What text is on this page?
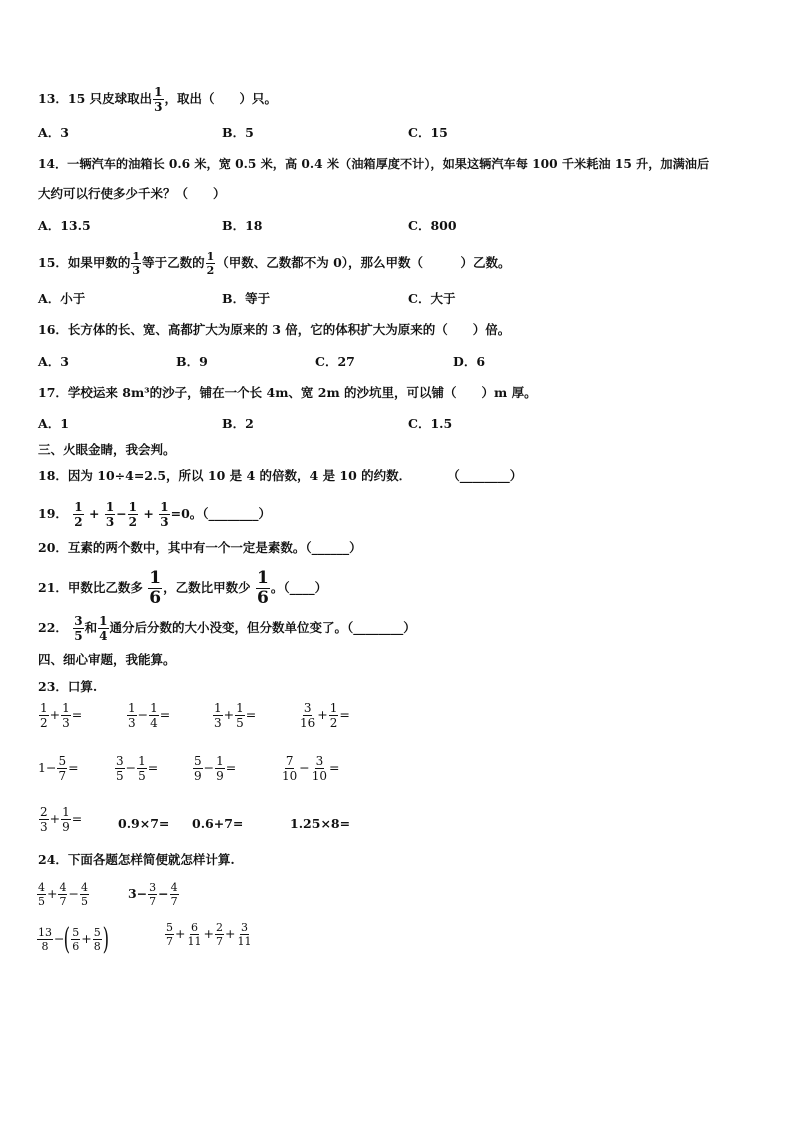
13．15 只皮球取出 $\frac{1}{3}$ ，取出（　　）只。
A．3	B．5	C．15
14．一辆汽车的油箱长 0.6 米，宽 0.5 米，高 0.4 米（油箱厚度不计），如果这辆汽车每 100 千米耗油 15 升，加满油后
大约可以行使多少千米？（　　）
A．13.5	B．18	C．800
15．如果甲数的 $\frac{1}{3}$ 等于乙数的 $\frac{1}{2}$ （甲数、乙数都不为 0），那么甲数（　　　）乙数。
A．小于	B．等于	C．大于
16．长方体的长、宽、高都扩大为原来的 3 倍，它的体积扩大为原来的（　　）倍。
A．3	B．9	C．27	D．6
17．学校运来 8m³的沙子，铺在一个长 4m、宽 2m 的沙坑里，可以铺（　　）m 厚。
A．1	B．2	C．1.5
三、火眼金睛，我会判。
18．因为 10÷4=2.5，所以 10 是 4 的倍数，4 是 10 的约数．	（________）
19． $\frac{1}{2} + \frac{1}{3} - \frac{1}{2} + \frac{1}{3} =0$。（________）
20．互素的两个数中，其中有一个一定是素数。（______）
21．甲数比乙数多 $\frac{1}{6}$ ，乙数比甲数少 $\frac{1}{6}$ 。（____）
22． $\frac{3}{5}$ 和 $\frac{1}{4}$ 通分后分数的大小没变，但分数单位变了。（________）
四、细心审题，我能算。
23．口算.
$\frac{1}{2} + \frac{1}{3}$ =	$\frac{1}{3} - \frac{1}{4}$ =	$\frac{1}{3} + \frac{1}{5}$ =	$\frac{3}{16} + \frac{1}{2}$ =
$1- \frac{5}{7}$ =	$\frac{3}{5} - \frac{1}{5}$ =	$\frac{5}{9} - \frac{1}{9}$ =	$\frac{7}{10} - \frac{3}{10}$ =
$\frac{2}{3} + \frac{1}{9}$ =	0.9×7= 0.6+7=	1.25×8=
24．下面各题怎样简便就怎样计算.
$\frac{4}{5} + \frac{4}{7} - \frac{4}{5}$	$3- \frac{3}{7} - \frac{4}{7}$
$\frac{13}{8}$ −( $\frac{5}{6} + \frac{5}{8}$ )	$\frac{5}{7} + \frac{6}{11} + \frac{2}{7} + \frac{3}{11}$
